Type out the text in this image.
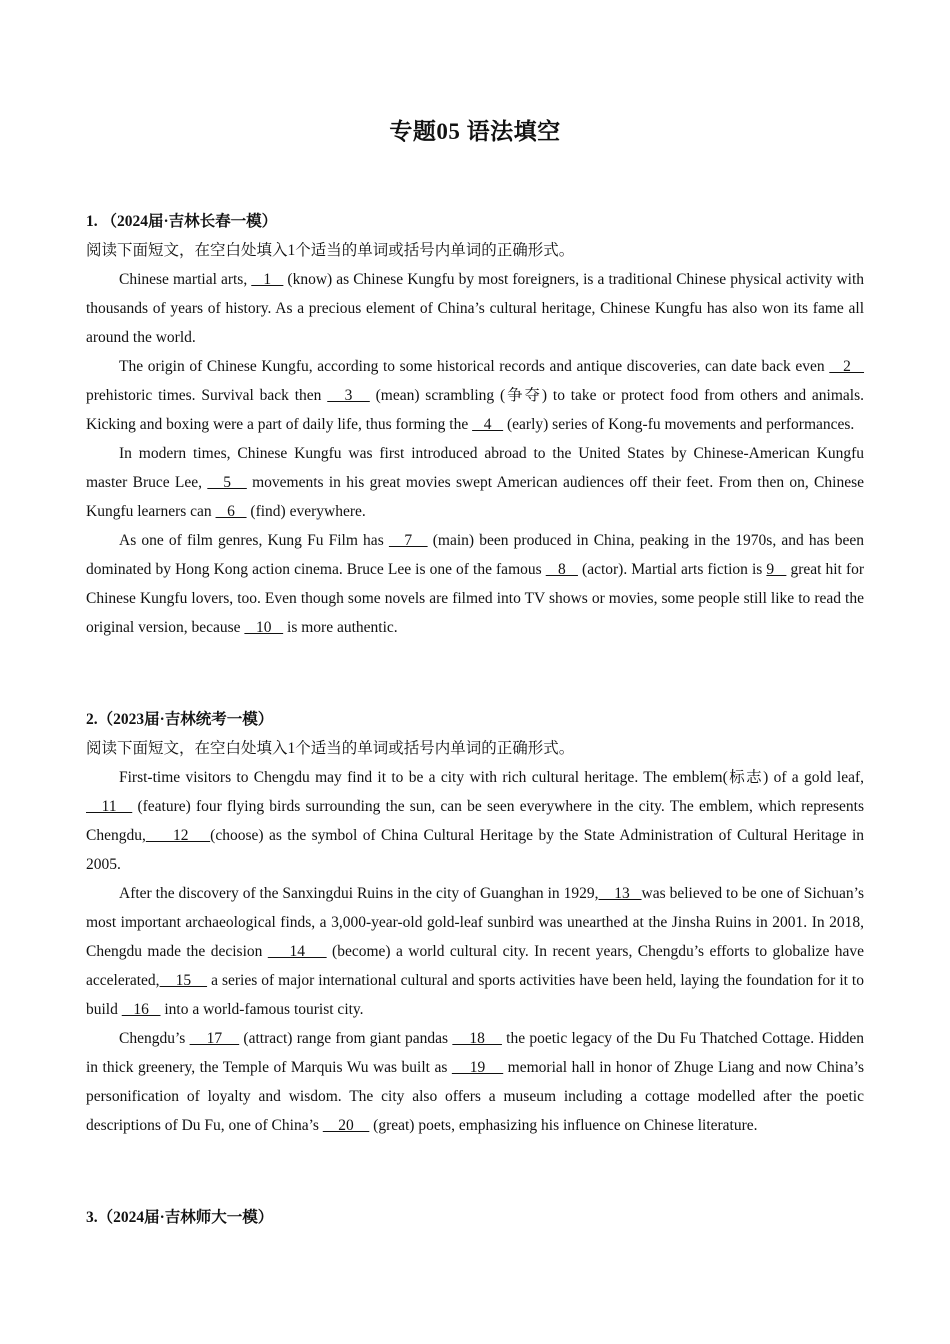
专题05 语法填空
1. （2024届·吉林长春一模）
阅读下面短文，在空白处填入1个适当的单词或括号内单词的正确形式。

Chinese martial arts,    1    (know) as Chinese Kungfu by most foreigners, is a traditional Chinese physical activity with thousands of years of history. As a precious element of China’s cultural heritage, Chinese Kungfu has also won its fame all around the world.

The origin of Chinese Kungfu, according to some historical records and antique discoveries, can date back even    2    prehistoric times. Survival back then    3    (mean) scrambling (争夺) to take or protect food from others and animals. Kicking and boxing were a part of daily life, thus forming the    4    (early) series of Kong-fu movements and performances.

In modern times, Chinese Kungfu was first introduced abroad to the United States by Chinese-American Kungfu master Bruce Lee,    5    movements in his great movies swept American audiences off their feet. From then on, Chinese Kungfu learners can    6    (find) everywhere.

As one of film genres, Kung Fu Film has    7    (main) been produced in China, peaking in the 1970s, and has been dominated by Hong Kong action cinema. Bruce Lee is one of the famous    8    (actor). Martial arts fiction is 9    great hit for Chinese Kungfu lovers, too. Even though some novels are filmed into TV shows or movies, some people still like to read the original version, because    10    is more authentic.

2.（2023届·吉林统考一模）
阅读下面短文，在空白处填入1个适当的单词或括号内单词的正确形式。

First-time visitors to Chengdu may find it to be a city with rich cultural heritage. The emblem(标志) of a gold leaf,    11    (feature) four flying birds surrounding the sun, can be seen everywhere in the city. The emblem, which represents Chengdu,     12    (choose) as the symbol of China Cultural Heritage by the State Administration of Cultural Heritage in 2005.

After the discovery of the Sanxingdui Ruins in the city of Guanghan in 1929,    13   was believed to be one of Sichuan’s most important archaeological finds, a 3,000-year-old gold-leaf sunbird was unearthed at the Jinsha Ruins in 2001. In 2018, Chengdu made the decision     14     (become) a world cultural city. In recent years, Chengdu’s efforts to globalize have accelerated,    15     a series of major international cultural and sports activities have been held, laying the foundation for it to build    16    into a world-famous tourist city.

Chengdu’s     17     (attract) range from giant pandas     18     the poetic legacy of the Du Fu Thatched Cottage. Hidden in thick greenery, the Temple of Marquis Wu was built as     19     memorial hall in honor of Zhuge Liang and now China’s personification of loyalty and wisdom. The city also offers a museum including a cottage modelled after the poetic descriptions of Du Fu, one of China’s     20     (great) poets, emphasizing his influence on Chinese literature.

3.（2024届·吉林师大一模）
